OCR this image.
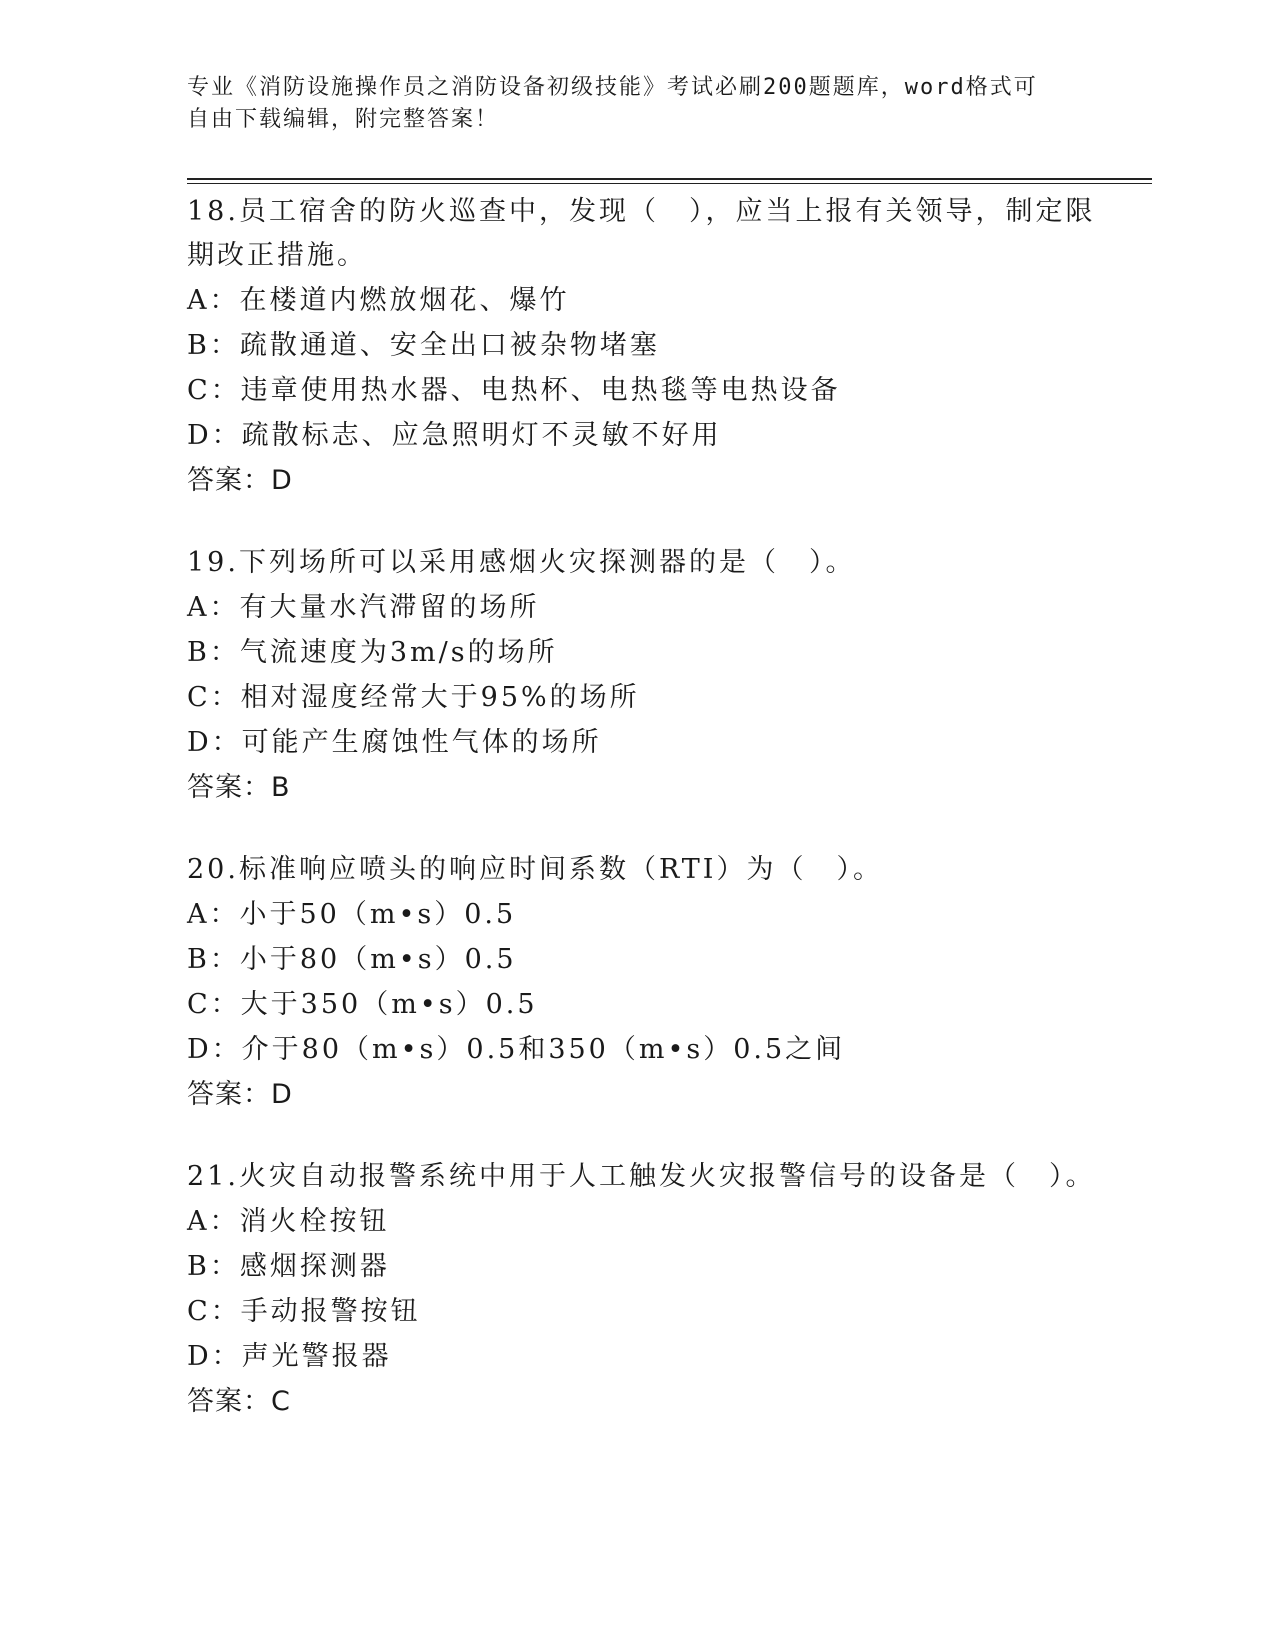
专业《消防设施操作员之消防设备初级技能》考试必刷200题题库，word格式可
自由下载编辑，附完整答案！
18.员工宿舍的防火巡查中，发现（　），应当上报有关领导，制定限
期改正措施。
A：在楼道内燃放烟花、爆竹
B：疏散通道、安全出口被杂物堵塞
C：违章使用热水器、电热杯、电热毯等电热设备
D：疏散标志、应急照明灯不灵敏不好用
答案：D
19.下列场所可以采用感烟火灾探测器的是（　）。
A：有大量水汽滞留的场所
B：气流速度为3m/s的场所
C：相对湿度经常大于95%的场所
D：可能产生腐蚀性气体的场所
答案：B
20.标准响应喷头的响应时间系数（RTI）为（　）。
A：小于50（m•s）0.5
B：小于80（m•s）0.5
C：大于350（m•s）0.5
D：介于80（m•s）0.5和350（m•s）0.5之间
答案：D
21.火灾自动报警系统中用于人工触发火灾报警信号的设备是（　）。
A：消火栓按钮
B：感烟探测器
C：手动报警按钮
D：声光警报器
答案：C
